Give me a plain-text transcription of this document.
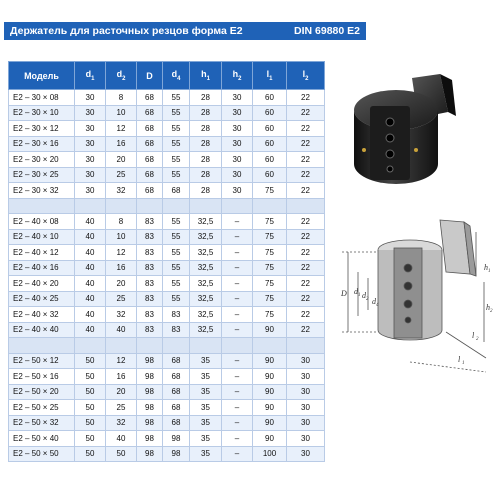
Держатель для расточных резцов форма E2	DIN 69880 E2
Модель	$d_1$	$d_2$	D	$d_4$	$h_1$	$h_2$	$l_1$	$l_2$
E2 – 30 × 08	30	8	68	55	28	30	60	22
E2 – 30 × 10	30	10	68	55	28	30	60	22
E2 – 30 × 12	30	12	68	55	28	30	60	22
E2 – 30 × 16	30	16	68	55	28	30	60	22
E2 – 30 × 20	30	20	68	55	28	30	60	22
E2 – 30 × 25	30	25	68	55	28	30	60	22
E2 – 30 × 32	30	32	68	68	28	30	75	22

E2 – 40 × 08	40	8	83	55	32,5	–	75	22
E2 – 40 × 10	40	10	83	55	32,5	–	75	22
E2 – 40 × 12	40	12	83	55	32,5	–	75	22
E2 – 40 × 16	40	16	83	55	32,5	–	75	22
E2 – 40 × 20	40	20	83	55	32,5	–	75	22
E2 – 40 × 25	40	25	83	55	32,5	–	75	22
E2 – 40 × 32	40	32	83	83	32,5	–	75	22
E2 – 40 × 40	40	40	83	83	32,5	–	90	22

E2 – 50 × 12	50	12	98	68	35	–	90	30
E2 – 50 × 16	50	16	98	68	35	–	90	30
E2 – 50 × 20	50	20	98	68	35	–	90	30
E2 – 50 × 25	50	25	98	68	35	–	90	30
E2 – 50 × 32	50	32	98	68	35	–	90	30
E2 – 50 × 40	50	40	98	98	35	–	90	30
E2 – 50 × 50	50	50	98	98	35	–	100	30
D d 1 d 2 d 4
l 1
l 2
h 1
h 2
